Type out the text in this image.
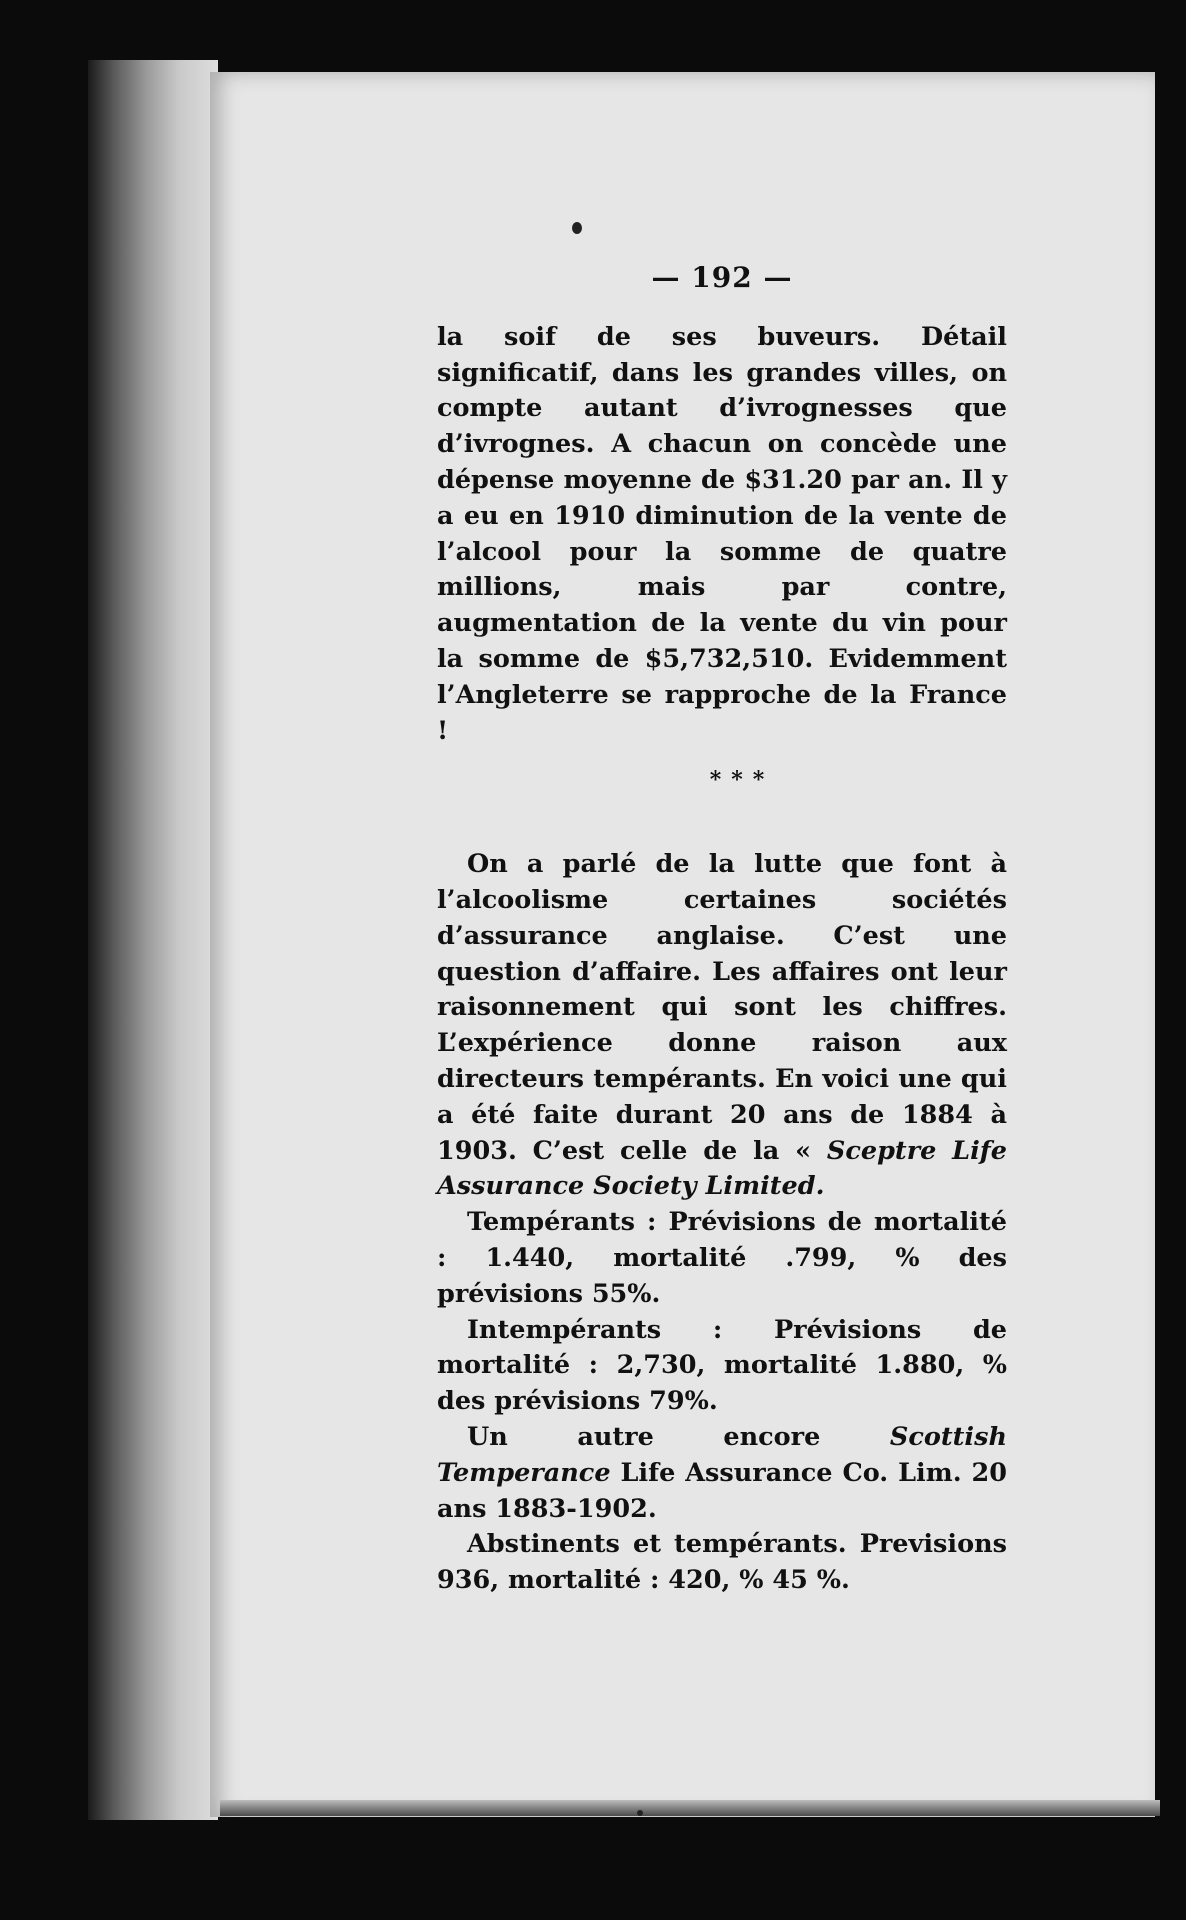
— 192 —

la soif de ses buveurs. Détail significatif, dans les grandes villes, on compte autant d’ivrognesses que d’ivrognes. A chacun on concède une dépense moyenne de $31.20 par an. Il y a eu en 1910 diminution de la vente de l’alcool pour la somme de quatre millions, mais par contre, augmentation de la vente du vin pour la somme de $5,732,510. Evidemment l’Angleterre se rapproche de la France !

***

On a parlé de la lutte que font à l’alcoolisme certaines sociétés d’assurance anglaise. C’est une question d’affaire. Les affaires ont leur raisonnement qui sont les chiffres. L’expérience donne raison aux directeurs tempérants. En voici une qui a été faite durant 20 ans de 1884 à 1903. C’est celle de la « Sceptre Life Assurance Society Limited.

Tempérants : Prévisions de mortalité : 1.440, mortalité .799, % des prévisions 55%.

Intempérants : Prévisions de mortalité : 2,730, mortalité 1.880, % des prévisions 79%.

Un autre encore Scottish Temperance Life Assurance Co. Lim. 20 ans 1883-1902.

Abstinents et tempérants. Previsions 936, mortalité : 420, % 45 %.
